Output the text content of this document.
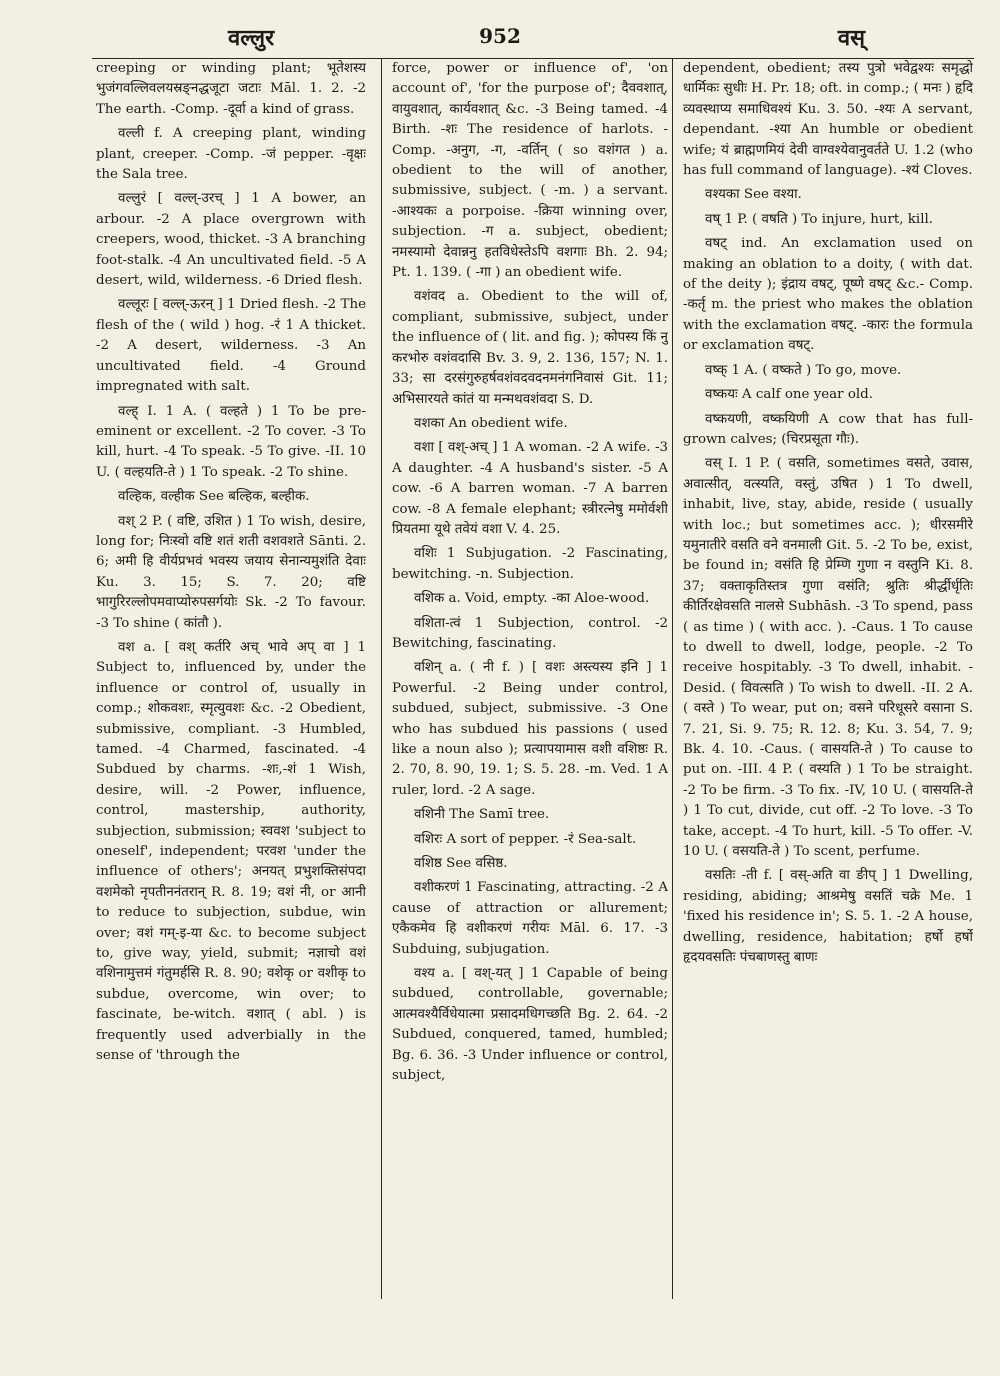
वल्लुर	952	वस्

creeping or winding plant; भूतेशस्य भुजंगवल्लिवलयस्रङ्नद्धजूटा जटाः Māl. 1. 2. -2 The earth. -Comp. -दूर्वा a kind of grass.

वल्ली f. A creeping plant, winding plant, creeper. -Comp. -जं pepper. -वृक्षः the Sala tree.

वल्लुरं [ वल्ल्-उरच् ] 1 A bower, an arbour. -2 A place overgrown with creepers, wood, thicket. -3 A branching foot-stalk. -4 An uncultivated field. -5 A desert, wild, wilderness. -6 Dried flesh.

वल्लूरः [ वल्ल्-ऊरन् ] 1 Dried flesh. -2 The flesh of the ( wild ) hog. -रं 1 A thicket. -2 A desert, wilderness. -3 An uncultivated field. -4 Ground impregnated with salt.

वल्ह् I. 1 A. ( वल्हते ) 1 To be pre-eminent or excellent. -2 To cover. -3 To kill, hurt. -4 To speak. -5 To give. -II. 10 U. ( वल्हयति-ते ) 1 To speak. -2 To shine.

वल्हिक, वल्हीक See बल्हिक, बल्हीक.

वश् 2 P. ( वष्टि, उशित ) 1 To wish, desire, long for; निःस्वो वष्टि शतं शती वशवशते Sānti. 2. 6; अमी हि वीर्यप्रभवं भवस्य जयाय सेनान्यमुशंति देवाः Ku. 3. 15; S. 7. 20; वष्टि भागुरिरल्लोपमवाप्योरुपसर्गयोः Sk. -2 To favour. -3 To shine ( कांतौ ).

वश a. [ वश् कर्तरि अच् भावे अप् वा ] 1 Subject to, influenced by, under the influence or control of, usually in comp.; शोकवशः, स्मृत्युवशः &c. -2 Obedient, submissive, compliant. -3 Humbled, tamed. -4 Charmed, fascinated. -4 Subdued by charms. -शः,-शं 1 Wish, desire, will. -2 Power, influence, control, mastership, authority, subjection, submission; स्ववश 'subject to oneself', independent; परवश 'under the influence of others'; अनयत् प्रभुशक्तिसंपदा वशमेको नृपतीननंतरान् R. 8. 19; वशं नी, or आनी to reduce to subjection, subdue, win over; वशं गम्-इ-या &c. to become subject to, give way, yield, submit; नज्ञाचो वशं वशिनामुत्तमं गंतुमर्हसि R. 8. 90; वशेकृ or वशीकृ to subdue, overcome, win over; to fascinate, be-witch. वशात् ( abl. ) is frequently used adverbially in the sense of 'through the

force, power or influence of', 'on account of', 'for the purpose of'; दैववशात्, वायुवशात्, कार्यवशात् &c. -3 Being tamed. -4 Birth. -शः The residence of harlots. -Comp. -अनुग, -ग, -वर्तिन् ( so वशंगत ) a. obedient to the will of another, submissive, subject. ( -m. ) a servant. -आश्यकः a porpoise. -क्रिया winning over, subjection. -ग a. subject, obedient; नमस्यामो देवान्ननु हतविधेस्तेऽपि वशगाः Bh. 2. 94; Pt. 1. 139. ( -गा ) an obedient wife.

वशंवद a. Obedient to the will of, compliant, submissive, subject, under the influence of ( lit. and fig. ); कोपस्य किं नु करभोरु वशंवदासि Bv. 3. 9, 2. 136, 157; N. 1. 33; सा दरसंगुरुहर्षवशंवदवदनमनंगनिवासं Git. 11; अभिसारयते कांतं या मन्मथवशंवदा S. D.

वशका An obedient wife.

वशा [ वश्-अच् ] 1 A woman. -2 A wife. -3 A daughter. -4 A husband's sister. -5 A cow. -6 A barren woman. -7 A barren cow. -8 A female elephant; स्त्रीरत्नेषु ममोर्वशी प्रियतमा यूथे तवेयं वशा V. 4. 25.

वशिः 1 Subjugation. -2 Fascinating, bewitching. -n. Subjection.

वशिक a. Void, empty. -का Aloe-wood.

वशिता-त्वं 1 Subjection, control. -2 Bewitching, fascinating.

वशिन् a. ( नी f. ) [ वशः अस्त्यस्य इनि ] 1 Powerful. -2 Being under control, subdued, subject, submissive. -3 One who has subdued his passions ( used like a noun also ); प्रत्यापयामास वशी वशिष्ठः R. 2. 70, 8. 90, 19. 1; S. 5. 28. -m. Ved. 1 A ruler, lord. -2 A sage.

वशिनी The Samī tree.

वशिरः A sort of pepper. -रं Sea-salt.

वशिष्ठ See वसिष्ठ.

वशीकरणं 1 Fascinating, attracting. -2 A cause of attraction or allurement; एकैकमेव हि वशीकरणं गरीयः Māl. 6. 17. -3 Subduing, subjugation.

वश्य a. [ वश्-यत् ] 1 Capable of being subdued, controllable, governable; आत्मवश्यैर्विधेयात्मा प्रसादमधिगच्छति Bg. 2. 64. -2 Subdued, conquered, tamed, humbled; Bg. 6. 36. -3 Under influence or control, subject,

dependent, obedient; तस्य पुत्रो भवेद्वश्यः समृद्धो धार्मिकः सुधीः H. Pr. 18; oft. in comp.; ( मनः ) हृदि व्यवस्थाप्य समाधिवश्यं Ku. 3. 50. -श्यः A servant, dependant. -श्या An humble or obedient wife; यं ब्राह्मणमियं देवी वाग्वश्येवानुवर्तते U. 1.2 (who has full command of language). -श्यं Cloves.

वश्यका See वश्या.

वष् 1 P. ( वषति ) To injure, hurt, kill.

वषट् ind. An exclamation used on making an oblation to a doity, ( with dat. of the deity ); इंद्राय वषट्, पूष्णे वषट् &c.- Comp. -कर्तृ m. the priest who makes the oblation with the exclamation वषट्. -कारः the formula or exclamation वषट्.

वष्क् 1 A. ( वष्कते ) To go, move.

वष्कयः A calf one year old.

वष्कयणी, वष्कयिणी A cow that has full-grown calves; (चिरप्रसूता गौः).

वस् I. 1 P. ( वसति, sometimes वसते, उवास, अवात्सीत्, वत्स्यति, वस्तुं, उषित ) 1 To dwell, inhabit, live, stay, abide, reside ( usually with loc.; but sometimes acc. ); धीरसमीरे यमुनातीरे वसति वने वनमाली Git. 5. -2 To be, exist, be found in; वसंति हि प्रेम्णि गुणा न वस्तुनि Ki. 8. 37; वक्ताकृतिस्तत्र गुणा वसंति; श्रुतिः श्रीर्द्धीर्धृतिः कीर्तिरक्षेवसति नालसे Subhāsh. -3 To spend, pass ( as time ) ( with acc. ). -Caus. 1 To cause to dwell to dwell, lodge, people. -2 To receive hospitably. -3 To dwell, inhabit. -Desid. ( विवत्सति ) To wish to dwell. -II. 2 A. ( वस्ते ) To wear, put on; वसने परिधूसरे वसाना S. 7. 21, Si. 9. 75; R. 12. 8; Ku. 3. 54, 7. 9; Bk. 4. 10. -Caus. ( वासयति-ते ) To cause to put on. -III. 4 P. ( वस्यति ) 1 To be straight. -2 To be firm. -3 To fix. -IV, 10 U. ( वासयति-ते ) 1 To cut, divide, cut off. -2 To love. -3 To take, accept. -4 To hurt, kill. -5 To offer. -V. 10 U. ( वसयति-ते ) To scent, perfume.

वसतिः -ती f. [ वस्-अति वा ङीप् ] 1 Dwelling, residing, abiding; आश्रमेषु वसतिं चक्रे Me. 1 'fixed his residence in'; S. 5. 1. -2 A house, dwelling, residence, habitation; हर्षो हर्षो हृदयवसतिः पंचबाणस्तु बाणः
